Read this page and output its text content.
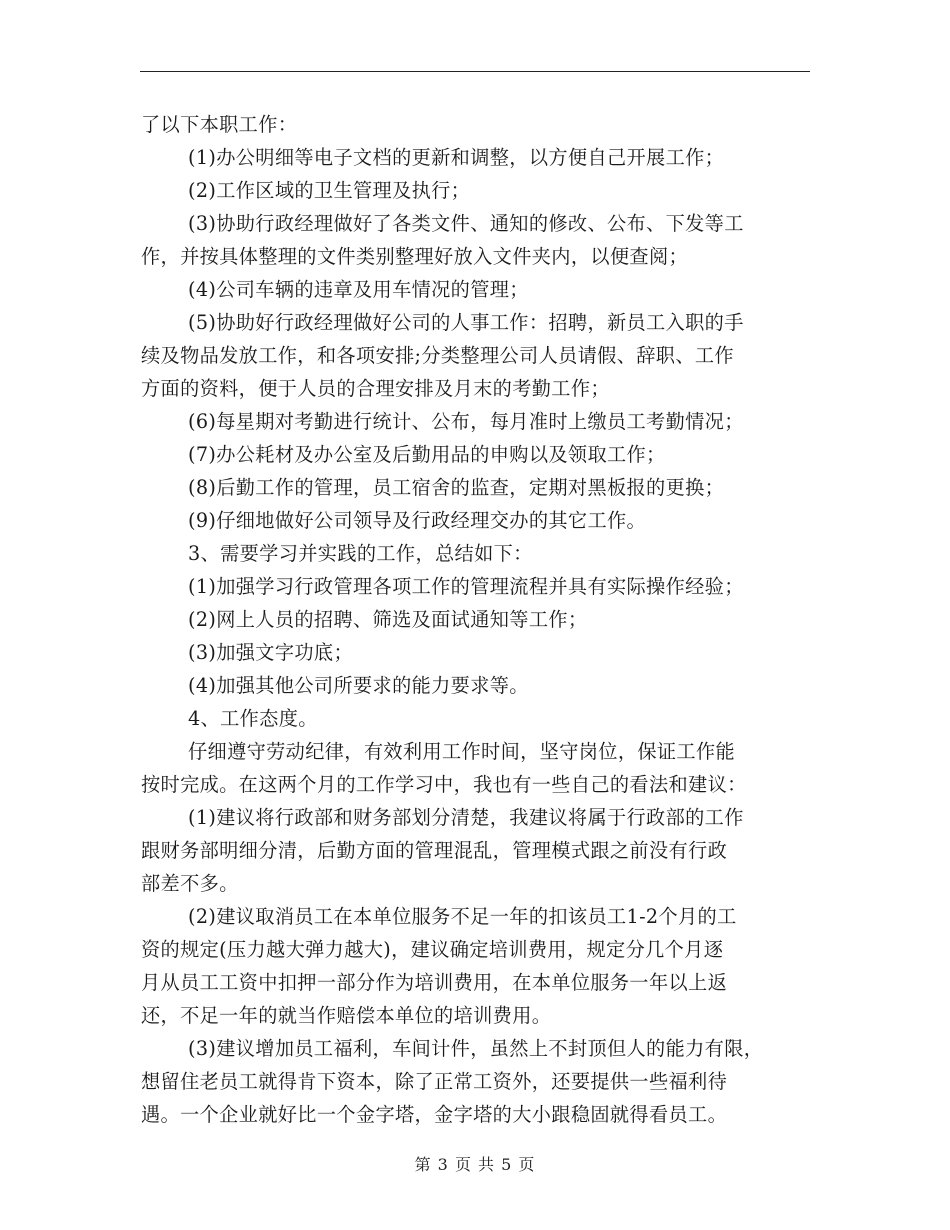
了以下本职工作：
(1)办公明细等电子文档的更新和调整，以方便自己开展工作；
(2)工作区域的卫生管理及执行；
(3)协助行政经理做好了各类文件、通知的修改、公布、下发等工
作，并按具体整理的文件类别整理好放入文件夹内，以便查阅；
(4)公司车辆的违章及用车情况的管理；
(5)协助好行政经理做好公司的人事工作：招聘，新员工入职的手
续及物品发放工作，和各项安排;分类整理公司人员请假、辞职、工作
方面的资料，便于人员的合理安排及月末的考勤工作；
(6)每星期对考勤进行统计、公布，每月准时上缴员工考勤情况；
(7)办公耗材及办公室及后勤用品的申购以及领取工作；
(8)后勤工作的管理，员工宿舍的监查，定期对黑板报的更换；
(9)仔细地做好公司领导及行政经理交办的其它工作。
3、需要学习并实践的工作，总结如下：
(1)加强学习行政管理各项工作的管理流程并具有实际操作经验；
(2)网上人员的招聘、筛选及面试通知等工作；
(3)加强文字功底；
(4)加强其他公司所要求的能力要求等。
4、工作态度。
仔细遵守劳动纪律，有效利用工作时间，坚守岗位，保证工作能
按时完成。在这两个月的工作学习中，我也有一些自己的看法和建议：
(1)建议将行政部和财务部划分清楚，我建议将属于行政部的工作
跟财务部明细分清，后勤方面的管理混乱，管理模式跟之前没有行政
部差不多。
(2)建议取消员工在本单位服务不足一年的扣该员工1-2个月的工
资的规定(压力越大弹力越大)，建议确定培训费用，规定分几个月逐
月从员工工资中扣押一部分作为培训费用，在本单位服务一年以上返
还，不足一年的就当作赔偿本单位的培训费用。
(3)建议增加员工福利，车间计件，虽然上不封顶但人的能力有限，
想留住老员工就得肯下资本，除了正常工资外，还要提供一些福利待
遇。一个企业就好比一个金字塔，金字塔的大小跟稳固就得看员工。
第 3 页 共 5 页
